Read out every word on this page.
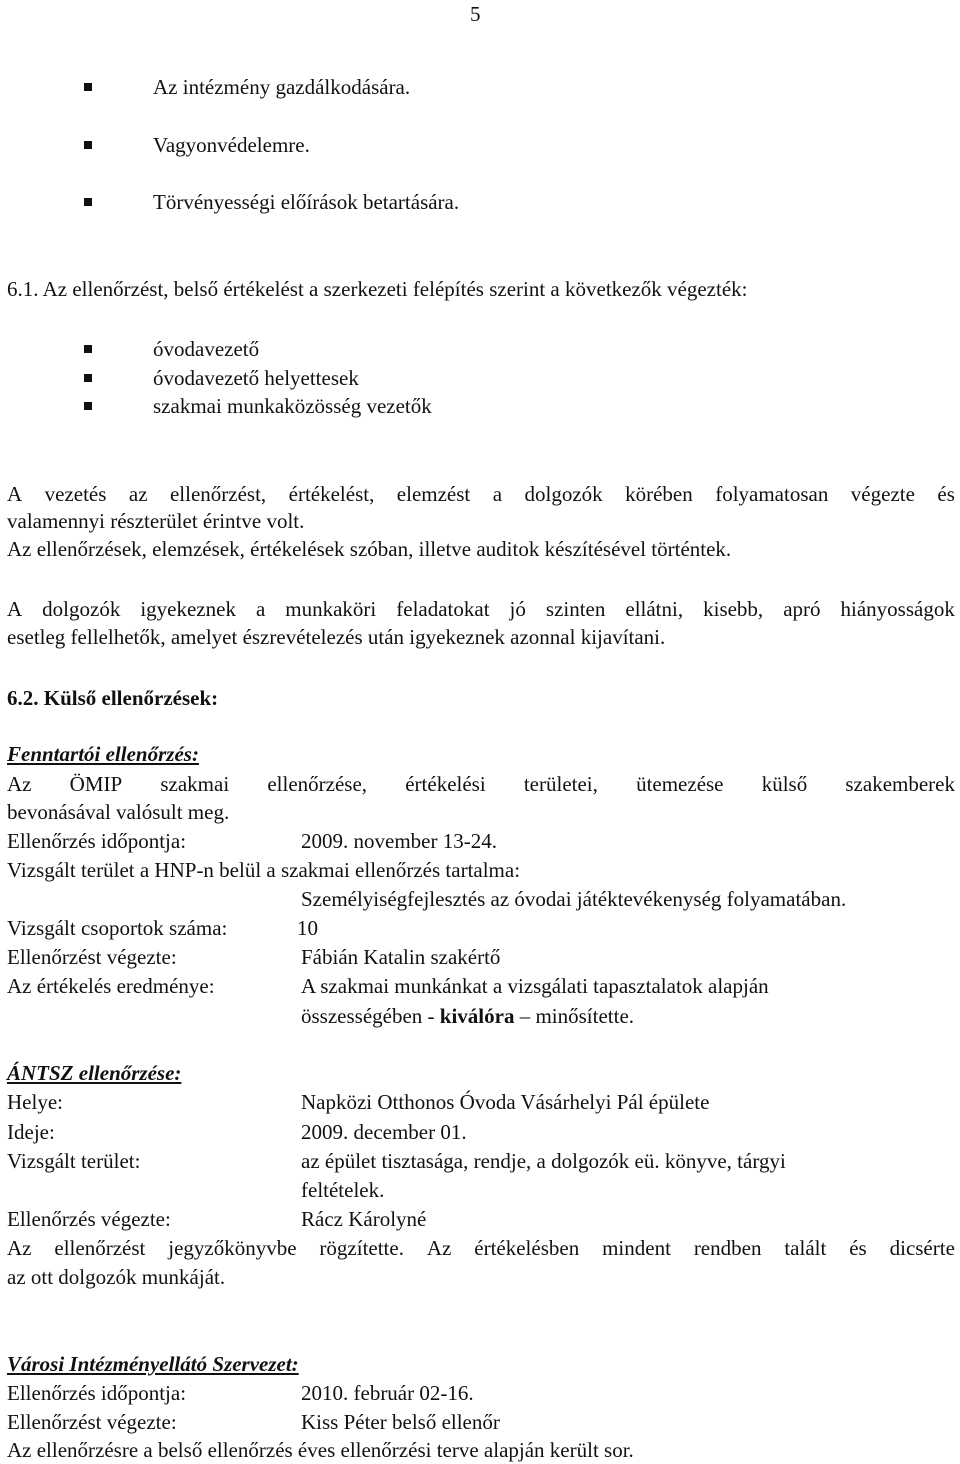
5
Az intézmény gazdálkodására.
Vagyonvédelemre.
Törvényességi előírások betartására.
6.1. Az ellenőrzést, belső értékelést a szerkezeti felépítés szerint a következők végezték:
óvodavezető
óvodavezető helyettesek
szakmai munkaközösség vezetők
A vezetés az ellenőrzést, értékelést, elemzést a dolgozók körében folyamatosan végezte és
valamennyi részterület érintve volt.
Az ellenőrzések, elemzések, értékelések szóban, illetve auditok készítésével történtek.
A dolgozók igyekeznek a munkaköri feladatokat jó szinten ellátni, kisebb, apró hiányosságok
esetleg fellelhetők, amelyet észrevételezés után igyekeznek azonnal kijavítani.
6.2. Külső ellenőrzések:
Fenntartói ellenőrzés:
Az ÖMIP szakmai ellenőrzése, értékelési területei, ütemezése külső szakemberek
bevonásával valósult meg.
Ellenőrzés időpontja:	2009. november 13-24.
Vizsgált terület a HNP-n belül a szakmai ellenőrzés tartalma:
Személyiségfejlesztés az óvodai játéktevékenység folyamatában.
Vizsgált csoportok száma:	10
Ellenőrzést végezte:	Fábián Katalin szakértő
Az értékelés eredménye:	A szakmai munkánkat a vizsgálati tapasztalatok alapján
összességében - kiválóra – minősítette.
ÁNTSZ ellenőrzése:
Helye:	Napközi Otthonos Óvoda Vásárhelyi Pál épülete
Ideje:	2009. december 01.
Vizsgált terület:	az épület tisztasága, rendje, a dolgozók eü. könyve, tárgyi
feltételek.
Ellenőrzés végezte:	Rácz Károlyné
Az ellenőrzést jegyzőkönyvbe rögzítette. Az értékelésben mindent rendben talált és dicsérte
az ott dolgozók munkáját.
Városi Intézményellátó Szervezet:
Ellenőrzés időpontja:	2010. február 02-16.
Ellenőrzést végezte:	Kiss Péter belső ellenőr
Az ellenőrzésre a belső ellenőrzés éves ellenőrzési terve alapján került sor.
